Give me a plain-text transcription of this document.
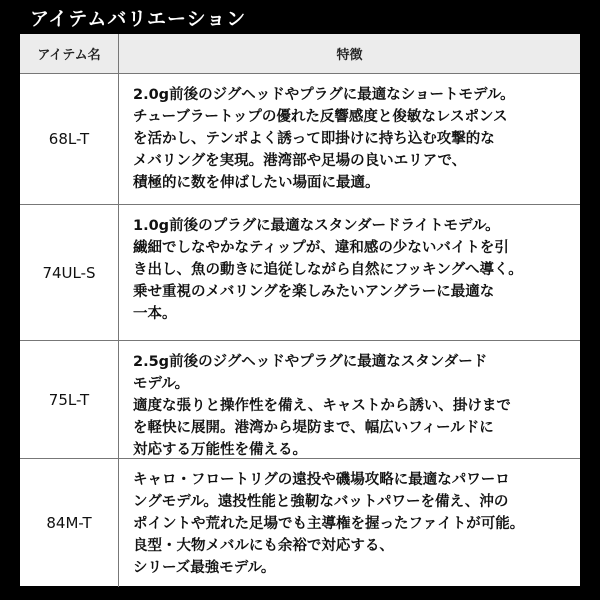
アイテムバリエーション
アイテム名	特徴
68L-T
2.0g前後のジグヘッドやプラグに最適なショートモデル。
チューブラートップの優れた反響感度と俊敏なレスポンス
を活かし、テンポよく誘って即掛けに持ち込む攻撃的な
メバリングを実現。港湾部や足場の良いエリアで、
積極的に数を伸ばしたい場面に最適。
74UL-S
1.0g前後のプラグに最適なスタンダードライトモデル。
繊細でしなやかなティップが、違和感の少ないバイトを引
き出し、魚の動きに追従しながら自然にフッキングへ導く。
乗せ重視のメバリングを楽しみたいアングラーに最適な
一本。
75L-T
2.5g前後のジグヘッドやプラグに最適なスタンダード
モデル。
適度な張りと操作性を備え、キャストから誘い、掛けまで
を軽快に展開。港湾から堤防まで、幅広いフィールドに
対応する万能性を備える。
84M-T
キャロ・フロートリグの遠投や磯場攻略に最適なパワーロ
ングモデル。遠投性能と強靭なバットパワーを備え、沖の
ポイントや荒れた足場でも主導権を握ったファイトが可能。
良型・大物メバルにも余裕で対応する、
シリーズ最強モデル。
